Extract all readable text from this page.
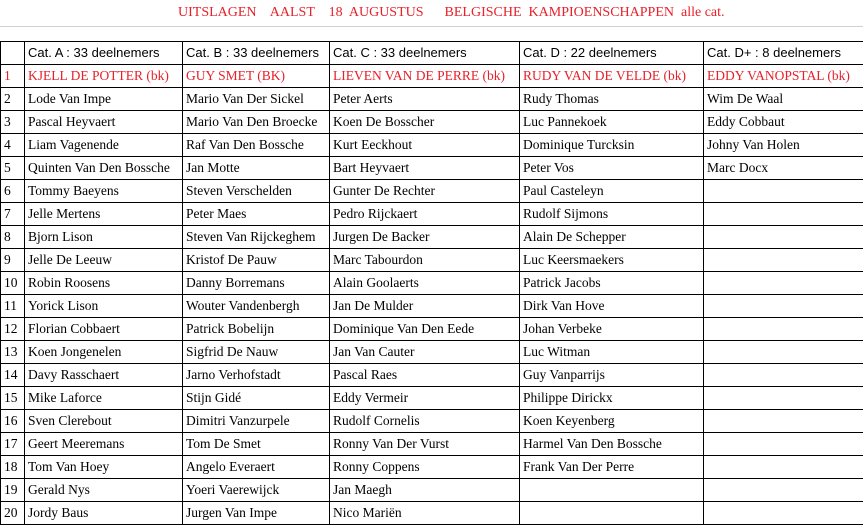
UITSLAGEN    AALST    18  AUGUSTUS      BELGISCHE  KAMPIOENSCHAPPEN  alle cat.
	Cat. A : 33 deelnemers	Cat. B : 33 deelnemers	Cat. C : 33 deelnemers	Cat. D : 22 deelnemers	Cat. D+ : 8 deelnemers
1	KJELL DE POTTER (bk)	GUY SMET (BK)	LIEVEN VAN DE PERRE (bk)	RUDY VAN DE VELDE (bk)	EDDY VANOPSTAL (bk)
2	Lode Van Impe	Mario Van Der Sickel	Peter Aerts	Rudy Thomas	Wim De Waal
3	Pascal Heyvaert	Mario Van Den Broecke	Koen De Bosscher	Luc Pannekoek	Eddy Cobbaut
4	Liam Vagenende	Raf Van Den Bossche	Kurt Eeckhout	Dominique Turcksin	Johny Van Holen
5	Quinten Van Den Bossche	Jan Motte	Bart Heyvaert	Peter Vos	Marc Docx
6	Tommy Baeyens	Steven Verschelden	Gunter De Rechter	Paul Casteleyn	
7	Jelle Mertens	Peter Maes	Pedro Rijckaert	Rudolf Sijmons	
8	Bjorn Lison	Steven Van Rijckeghem	Jurgen De Backer	Alain De Schepper	
9	Jelle De Leeuw	Kristof De Pauw	Marc Tabourdon	Luc Keersmaekers	
10	Robin Roosens	Danny Borremans	Alain Goolaerts	Patrick Jacobs	
11	Yorick Lison	Wouter Vandenbergh	Jan De Mulder	Dirk Van Hove	
12	Florian Cobbaert	Patrick Bobelijn	Dominique Van Den Eede	Johan Verbeke	
13	Koen Jongenelen	Sigfrid De Nauw	Jan Van Cauter	Luc Witman	
14	Davy Rasschaert	Jarno Verhofstadt	Pascal Raes	Guy Vanparrijs	
15	Mike Laforce	Stijn Gidé	Eddy Vermeir	Philippe Dirickx	
16	Sven Clerebout	Dimitri Vanzurpele	Rudolf Cornelis	Koen Keyenberg	
17	Geert Meeremans	Tom De Smet	Ronny Van Der Vurst	Harmel Van Den Bossche	
18	Tom Van Hoey	Angelo Everaert	Ronny Coppens	Frank Van Der Perre	
19	Gerald Nys	Yoeri Vaerewijck	Jan Maegh		
20	Jordy Baus	Jurgen Van Impe	Nico Mariën		
